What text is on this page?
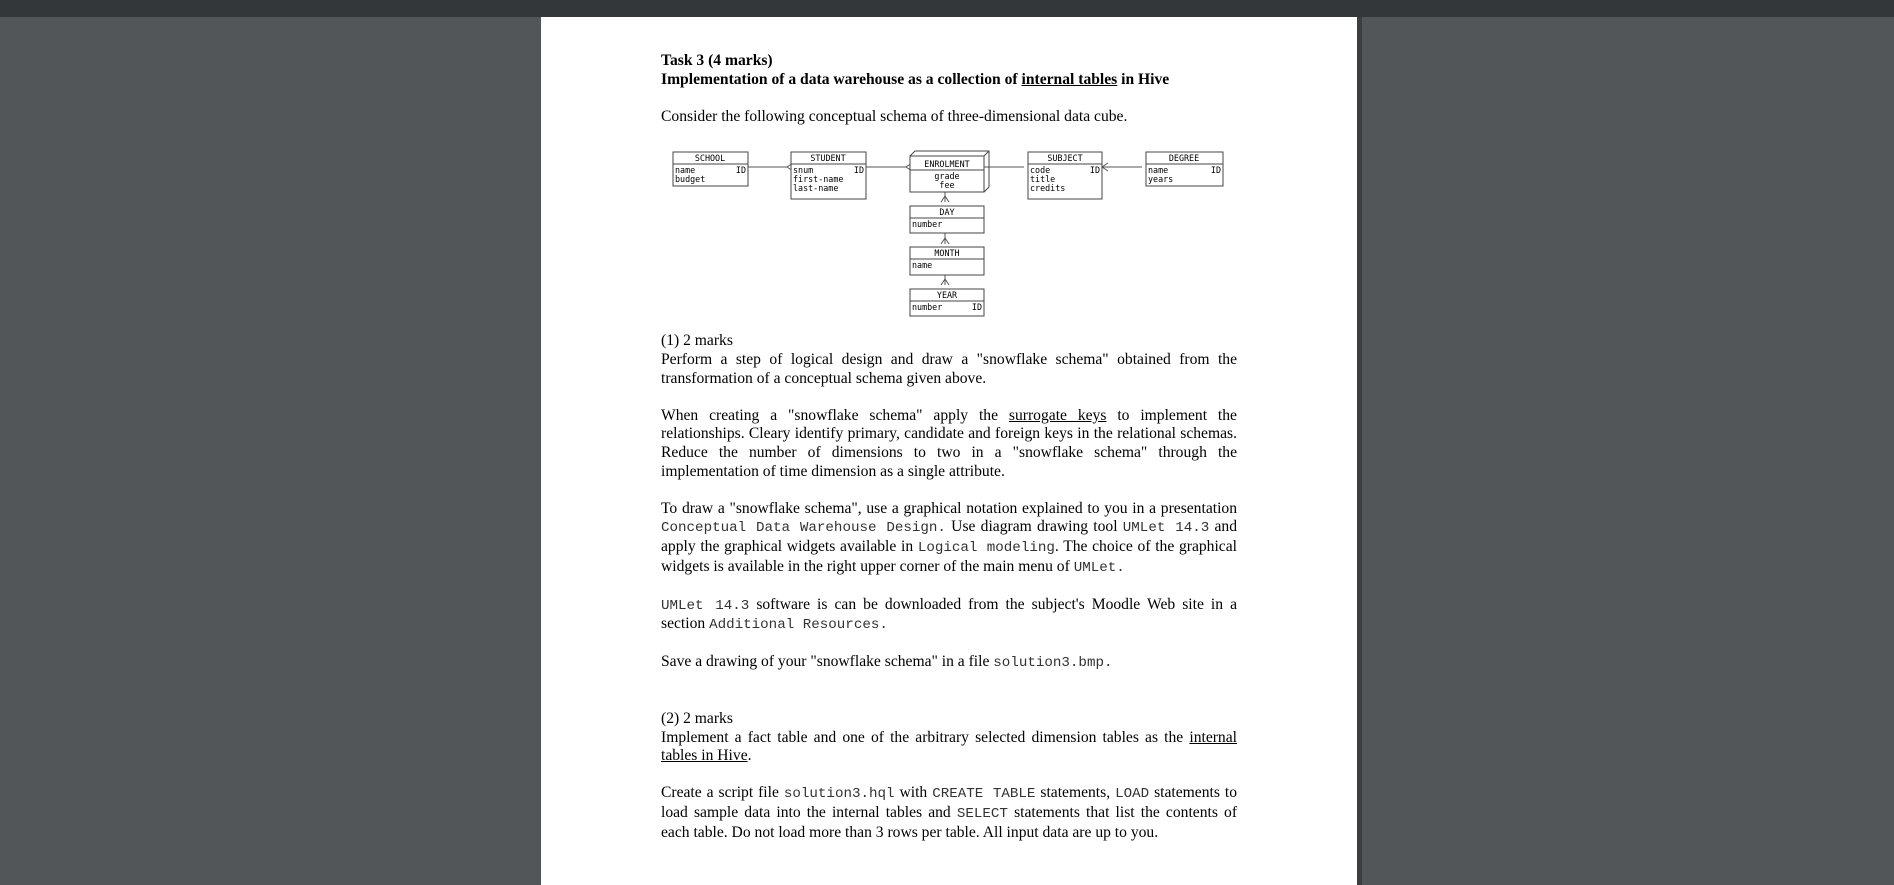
Task 3 (4 marks)

Implementation of a data warehouse as a collection of internal tables in Hive

Consider the following conceptual schema of three-dimensional data cube.

SCHOOL
name
budget
ID
STUDENT
snum
first-name
last-name
ID
ENROLMENT
grade
fee
SUBJECT
code
title
credits
ID
DEGREE
name
years
ID
DAY
number
MONTH
name
YEAR
number	ID

(1) 2 marks

Perform a step of logical design and draw a "snowflake schema" obtained from the transformation of a conceptual schema given above.

When creating a "snowflake schema" apply the surrogate keys to implement the relationships. Cleary identify primary, candidate and foreign keys in the relational schemas. Reduce the number of dimensions to two in a "snowflake schema" through the implementation of time dimension as a single attribute.

To draw a "snowflake schema", use a graphical notation explained to you in a presentation Conceptual Data Warehouse Design. Use diagram drawing tool UMLet 14.3 and apply the graphical widgets available in Logical modeling. The choice of the graphical widgets is available in the right upper corner of the main menu of UMLet.

UMLet 14.3 software is can be downloaded from the subject's Moodle Web site in a section Additional Resources.

Save a drawing of your "snowflake schema" in a file solution3.bmp.

(2) 2 marks

Implement a fact table and one of the arbitrary selected dimension tables as the internal tables in Hive.

Create a script file solution3.hql with CREATE TABLE statements, LOAD statements to load sample data into the internal tables and SELECT statements that list the contents of each table. Do not load more than 3 rows per table. All input data are up to you.
